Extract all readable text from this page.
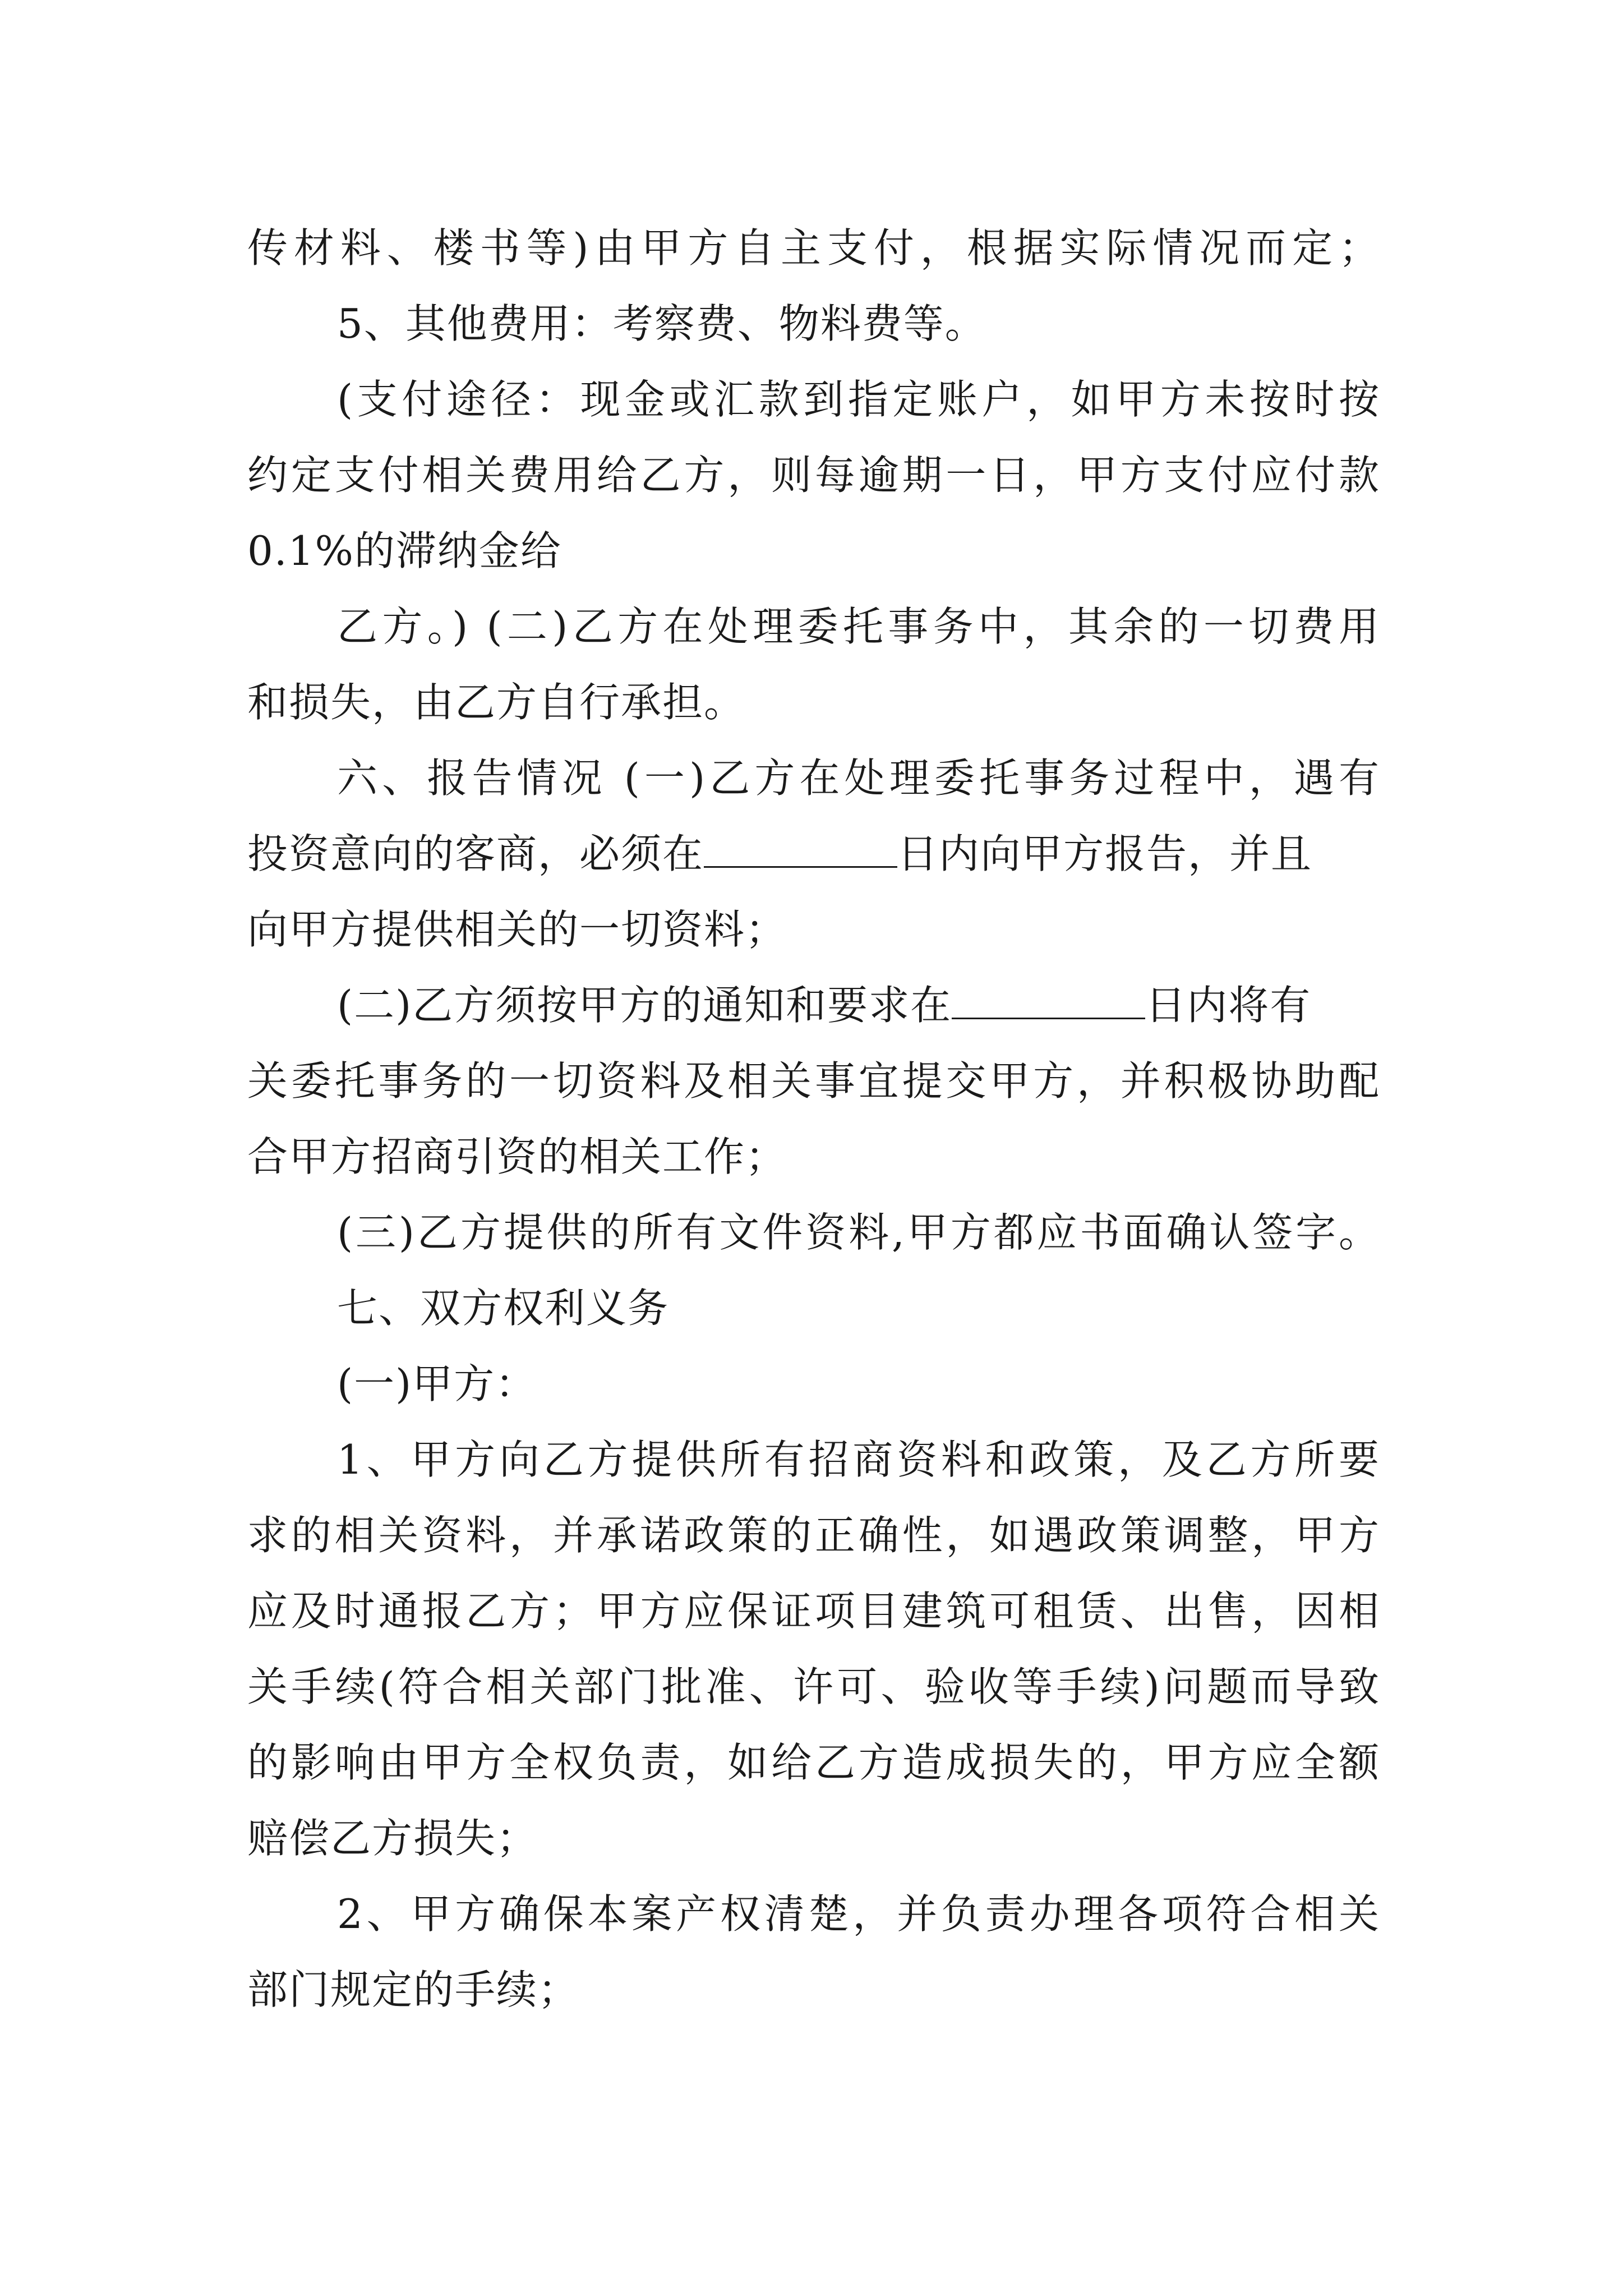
传材料、楼书等)由甲方自主支付，根据实际情况而定；
5、其他费用：考察费、物料费等。
(支付途径：现金或汇款到指定账户，如甲方未按时按
约定支付相关费用给乙方，则每逾期一日，甲方支付应付款
0.1%的滞纳金给
乙方。) (二)乙方在处理委托事务中，其余的一切费用
和损失，由乙方自行承担。
六、报告情况 (一)乙方在处理委托事务过程中，遇有
投资意向的客商，必须在	日内向甲方报告，并且
向甲方提供相关的一切资料；
(二)乙方须按甲方的通知和要求在	日内将有
关委托事务的一切资料及相关事宜提交甲方，并积极协助配
合甲方招商引资的相关工作；
(三)乙方提供的所有文件资料,甲方都应书面确认签字。
七、双方权利义务
(一)甲方：
1、甲方向乙方提供所有招商资料和政策，及乙方所要
求的相关资料，并承诺政策的正确性，如遇政策调整，甲方
应及时通报乙方；甲方应保证项目建筑可租赁、出售，因相
关手续(符合相关部门批准、许可、验收等手续)问题而导致
的影响由甲方全权负责，如给乙方造成损失的，甲方应全额
赔偿乙方损失；
2、甲方确保本案产权清楚，并负责办理各项符合相关
部门规定的手续；
